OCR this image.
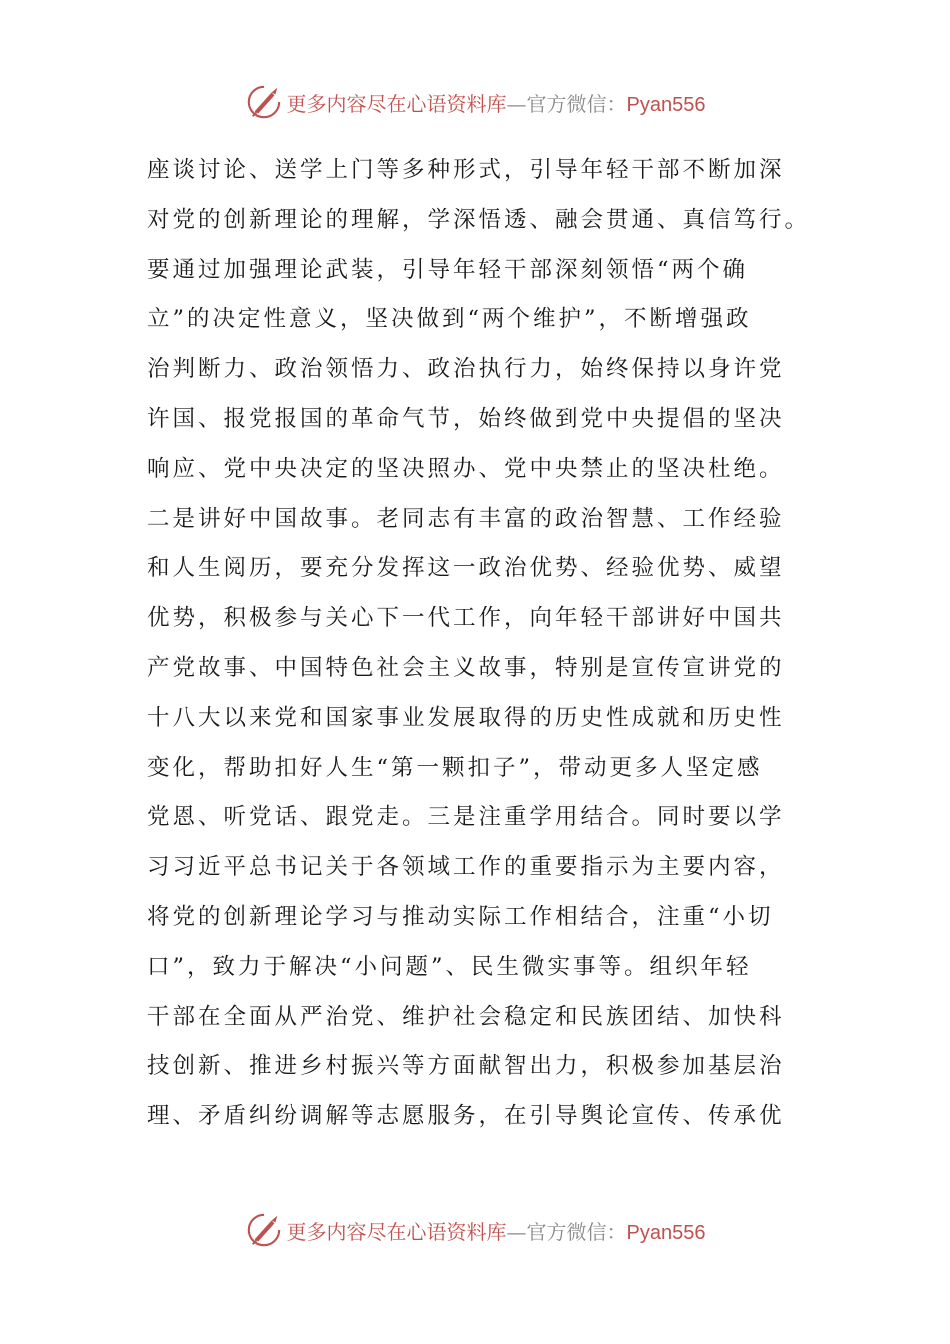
更多内容尽在心语资料库—官方微信：Pyan556
座谈讨论、送学上门等多种形式，引导年轻干部不断加深
对党的创新理论的理解，学深悟透、融会贯通、真信笃行。
要通过加强理论武装，引导年轻干部深刻领悟“两个确
立”的决定性意义，坚决做到“两个维护”，不断增强政
治判断力、政治领悟力、政治执行力，始终保持以身许党
许国、报党报国的革命气节，始终做到党中央提倡的坚决
响应、党中央决定的坚决照办、党中央禁止的坚决杜绝。
二是讲好中国故事。老同志有丰富的政治智慧、工作经验
和人生阅历，要充分发挥这一政治优势、经验优势、威望
优势，积极参与关心下一代工作，向年轻干部讲好中国共
产党故事、中国特色社会主义故事，特别是宣传宣讲党的
十八大以来党和国家事业发展取得的历史性成就和历史性
变化，帮助扣好人生“第一颗扣子”，带动更多人坚定感
党恩、听党话、跟党走。三是注重学用结合。同时要以学
习习近平总书记关于各领域工作的重要指示为主要内容，
将党的创新理论学习与推动实际工作相结合，注重“小切
口”，致力于解决“小问题”、民生微实事等。组织年轻
干部在全面从严治党、维护社会稳定和民族团结、加快科
技创新、推进乡村振兴等方面献智出力，积极参加基层治
理、矛盾纠纷调解等志愿服务，在引导舆论宣传、传承优
更多内容尽在心语资料库—官方微信：Pyan556
